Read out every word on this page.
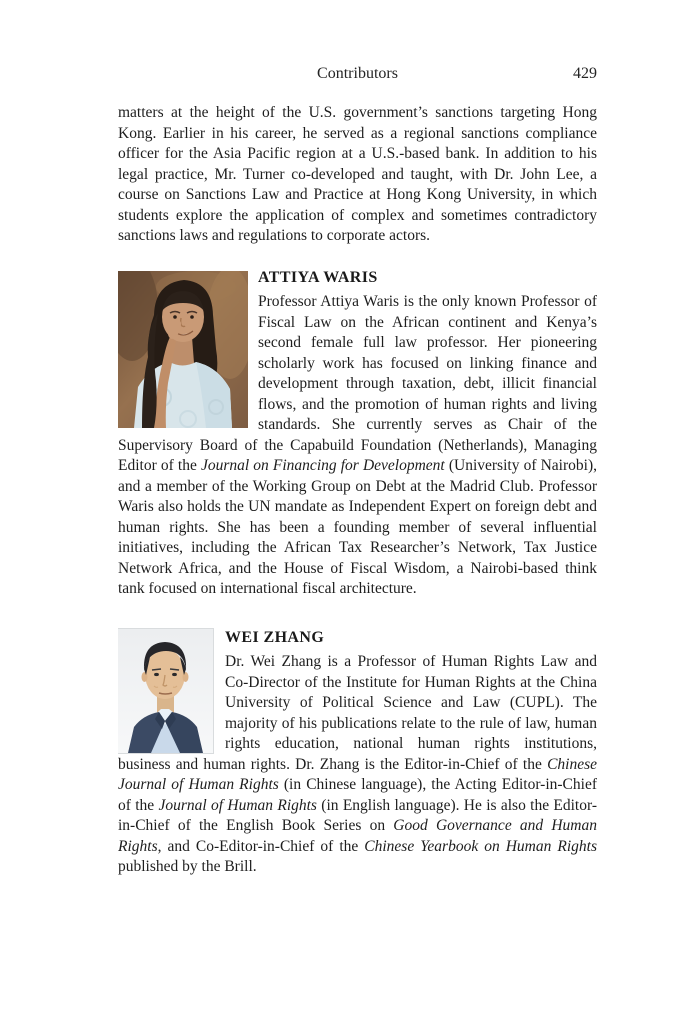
Contributors	429

matters at the height of the U.S. government’s sanctions targeting Hong Kong. Earlier in his career, he served as a regional sanctions compliance officer for the Asia Pacific region at a U.S.-based bank. In addition to his legal practice, Mr. Turner co-developed and taught, with Dr. John Lee, a course on Sanctions Law and Practice at Hong Kong University, in which students explore the application of complex and sometimes contradictory sanctions laws and regulations to corporate actors.

ATTIYA WARIS

Professor Attiya Waris is the only known Professor of Fiscal Law on the African continent and Kenya’s second female full law professor. Her pioneering scholarly work has focused on linking finance and development through taxation, debt, illicit financial flows, and the promotion of human rights and living standards. She currently serves as Chair of the Supervisory Board of the Capabuild Foundation (Netherlands), Managing Editor of the Journal on Financing for Development (University of Nairobi), and a member of the Working Group on Debt at the Madrid Club. Professor Waris also holds the UN mandate as Independent Expert on foreign debt and human rights. She has been a founding member of several influential initiatives, including the African Tax Researcher’s Network, Tax Justice Network Africa, and the House of Fiscal Wisdom, a Nairobi-based think tank focused on international fiscal architecture.

WEI ZHANG

Dr. Wei Zhang is a Professor of Human Rights Law and Co-Director of the Institute for Human Rights at the China University of Political Science and Law (CUPL). The majority of his publications relate to the rule of law, human rights education, national human rights institutions, business and human rights. Dr. Zhang is the Editor-in-Chief of the Chinese Journal of Human Rights (in Chinese language), the Acting Editor-in-Chief of the Journal of Human Rights (in English language). He is also the Editor-in-Chief of the English Book Series on Good Governance and Human Rights, and Co-Editor-in-Chief of the Chinese Yearbook on Human Rights published by the Brill.
